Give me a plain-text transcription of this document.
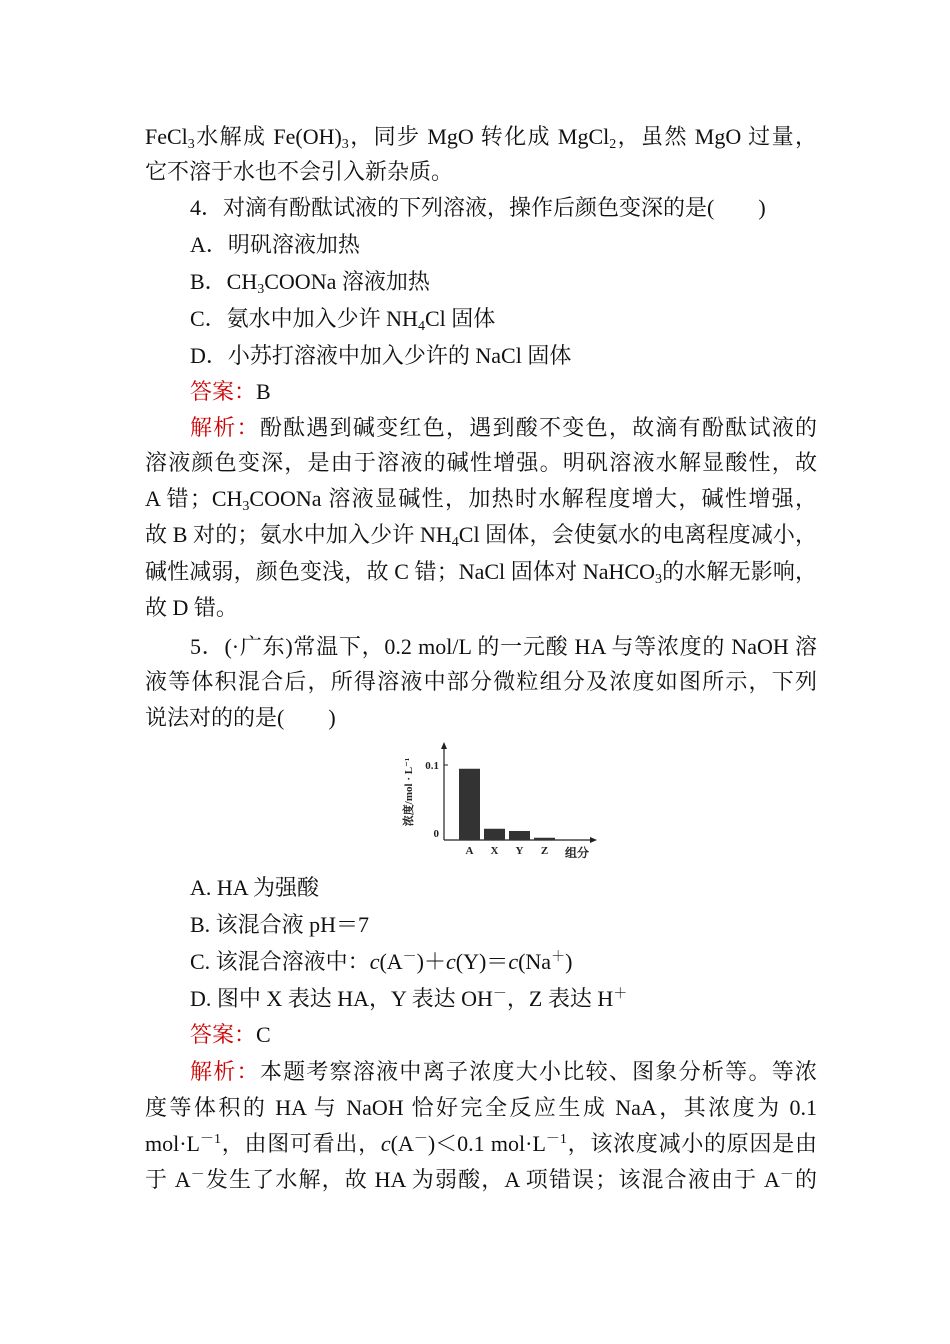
FeCl$_3$水解成 $Fe(OH)_3$，同步 MgO 转化成 MgCl$_2$，虽然 MgO 过量，
它不溶于水也不会引入新杂质。
4．对滴有酚酞试液的下列溶液，操作后颜色变深的是(　　)
A．明矾溶液加热
B．$CH_3COONa$ 溶液加热
C．氨水中加入少许 $NH_4Cl$ 固体
D．小苏打溶液中加入少许的 NaCl 固体
答案：B
解析：酚酞遇到碱变红色，遇到酸不变色，故滴有酚酞试液的
溶液颜色变深，是由于溶液的碱性增强。明矾溶液水解显酸性，故
A 错；$CH_3COONa$ 溶液显碱性，加热时水解程度增大，碱性增强，
故 B 对的；氨水中加入少许 $NH_4Cl$ 固体，会使氨水的电离程度减小，
碱性减弱，颜色变浅，故 C 错；NaCl 固体对 NaHCO$_3$的水解无影响，
故 D 错。
5．(·广东)常温下，0.2 mol/L 的一元酸 HA 与等浓度的 NaOH 溶
液等体积混合后，所得溶液中部分微粒组分及浓度如图所示，下列
说法对的的是(　　)
浓度/mol · L⁻¹ 0.1
0
A X Y Z 组分
A. HA 为强酸
B. 该混合液 pH＝7
C. 该混合溶液中：c(A－)＋c(Y)＝c(Na＋)
D. 图中 X 表达 HA，Y 表达 OH－，Z 表达 H＋
答案：C
解析：本题考察溶液中离子浓度大小比较、图象分析等。等浓
度等体积的 HA 与 NaOH 恰好完全反应生成 NaA，其浓度为 0.1
$mol\cdot L^{-1}$，由图可看出，c(A－)＜0.1 $mol\cdot L^{-1}$，该浓度减小的原因是由
于 A－发生了水解，故 HA 为弱酸，A 项错误；该混合液由于 A－的
